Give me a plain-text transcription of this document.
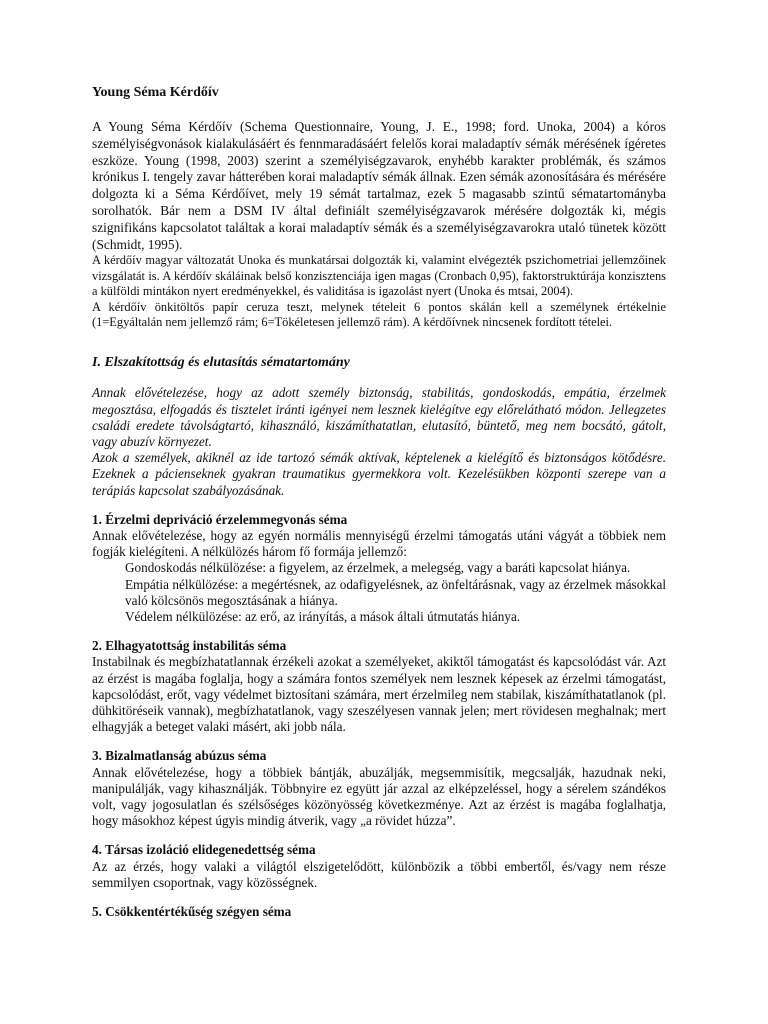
Young Séma Kérdőív

A Young Séma Kérdőív (Schema Questionnaire, Young, J. E., 1998; ford. Unoka, 2004) a kóros személyiségvonások kialakulásáért és fennmaradásáért felelős korai maladaptív sémák mérésének ígéretes eszköze. Young (1998, 2003) szerint a személyiségzavarok, enyhébb karakter problémák, és számos krónikus I. tengely zavar hátterében korai maladaptív sémák állnak. Ezen sémák azonosítására és mérésére dolgozta ki a Séma Kérdőívet, mely 19 sémát tartalmaz, ezek 5 magasabb szintű sématartományba sorolhatók. Bár nem a DSM IV által definiált személyiségzavarok mérésére dolgozták ki, mégis szignifikáns kapcsolatot találtak a korai maladaptív sémák és a személyiségzavarokra utaló tünetek között (Schmidt, 1995).

A kérdőív magyar változatát Unoka és munkatársai dolgozták ki, valamint elvégezték pszichometriai jellemzőinek vizsgálatát is. A kérdőív skáláinak belső konzisztenciája igen magas (Cronbach 0,95), faktorstruktúrája konzisztens a külföldi mintákon nyert eredményekkel, és validitása is igazolást nyert (Unoka és mtsai, 2004).

A kérdőív önkitöltős papír ceruza teszt, melynek tételeit 6 pontos skálán kell a személynek értékelnie (1=Egyáltalán nem jellemző rám; 6=Tökéletesen jellemző rám). A kérdőívnek nincsenek fordított tételei.

I. Elszakítottság és elutasítás sématartomány

Annak elővételezése, hogy az adott személy biztonság, stabilitás, gondoskodás, empátia, érzelmek megosztása, elfogadás és tisztelet iránti igényei nem lesznek kielégítve egy előrelátható módon. Jellegzetes családi eredete távolságtartó, kihasználó, kiszámíthatatlan, elutasító, büntető, meg nem bocsátó, gátolt, vagy abuzív környezet.

Azok a személyek, akiknél az ide tartozó sémák aktívak, képtelenek a kielégítő és biztonságos kötődésre. Ezeknek a pácienseknek gyakran traumatikus gyermekkora volt. Kezelésükben központi szerepe van a terápiás kapcsolat szabályozásának.

1. Érzelmi depriváció érzelemmegvonás séma

Annak elővételezése, hogy az egyén normális mennyiségű érzelmi támogatás utáni vágyát a többiek nem fogják kielégíteni. A nélkülözés három fő formája jellemző:

Gondoskodás nélkülözése: a figyelem, az érzelmek, a melegség, vagy a baráti kapcsolat hiánya.
Empátia nélkülözése: a megértésnek, az odafigyelésnek, az önfeltárásnak, vagy az érzelmek másokkal való kölcsönös megosztásának a hiánya.
Védelem nélkülözése: az erő, az irányítás, a mások általi útmutatás hiánya.

2. Elhagyatottság instabilitás séma

Instabilnak és megbízhatatlannak érzékeli azokat a személyeket, akiktől támogatást és kapcsolódást vár. Azt az érzést is magába foglalja, hogy a számára fontos személyek nem lesznek képesek az érzelmi támogatást, kapcsolódást, erőt, vagy védelmet biztosítani számára, mert érzelmileg nem stabilak, kiszámíthatatlanok (pl. dühkitöréseik vannak), megbízhatatlanok, vagy szeszélyesen vannak jelen; mert rövidesen meghalnak; mert elhagyják a beteget valaki másért, aki jobb nála.

3. Bizalmatlanság abúzus séma

Annak elővételezése, hogy a többiek bántják, abuzálják, megsemmisítik, megcsalják, hazudnak neki, manipulálják, vagy kihasználják. Többnyire ez együtt jár azzal az elképzeléssel, hogy a sérelem szándékos volt, vagy jogosulatlan és szélsőséges közönyösség következménye. Azt az érzést is magába foglalhatja, hogy másokhoz képest úgyis mindig átverik, vagy „a rövidet húzza”.

4. Társas izoláció elidegenedettség séma

Az az érzés, hogy valaki a világtól elszigetelődött, különbözik a többi embertől, és/vagy nem része semmilyen csoportnak, vagy közösségnek.

5. Csökkentértékűség szégyen séma
